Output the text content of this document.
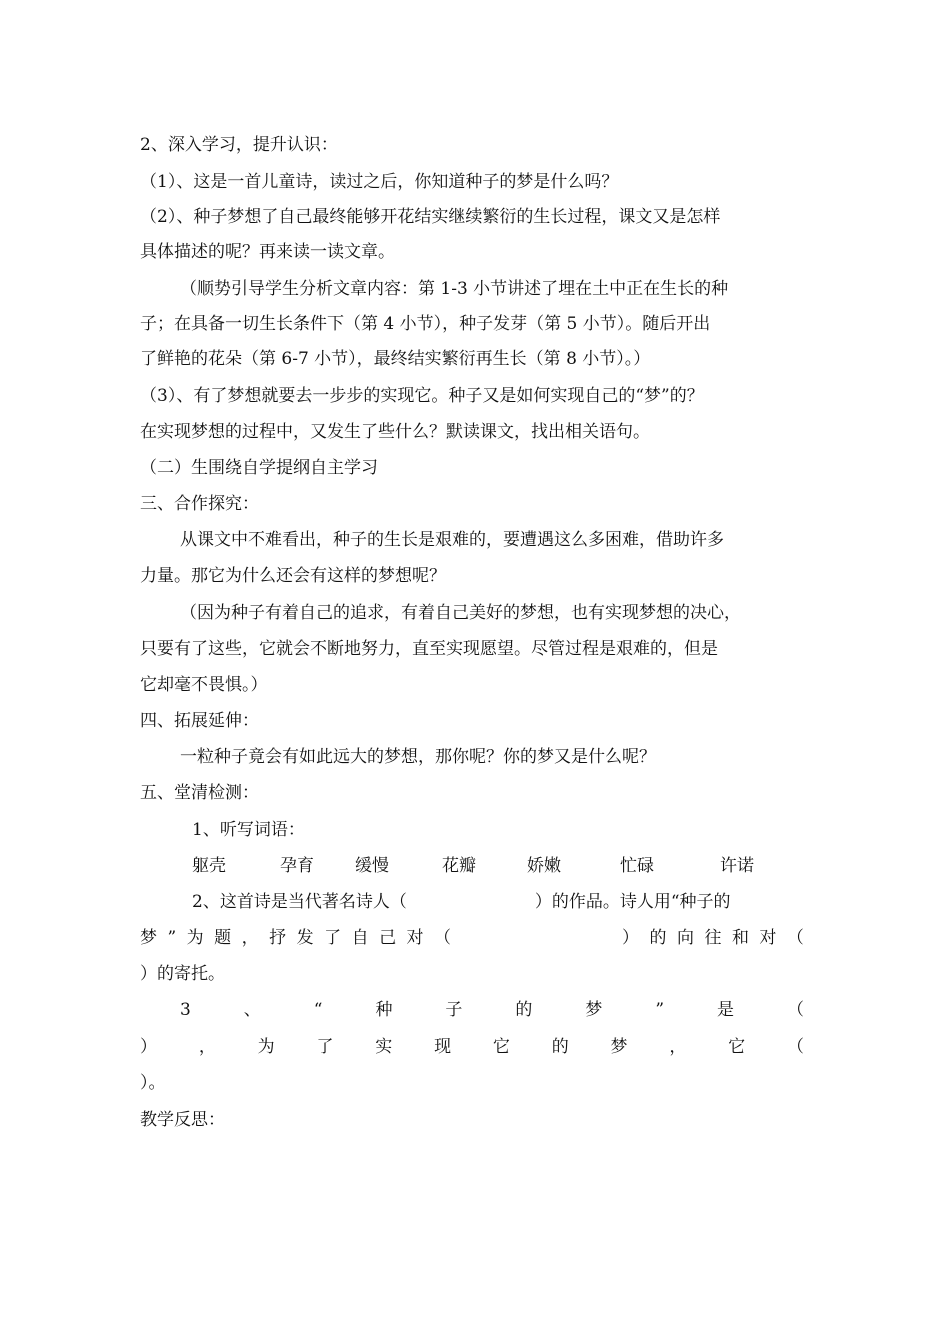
2、深入学习，提升认识：
（1）、这是一首儿童诗，读过之后，你知道种子的梦是什么吗？
（2）、种子梦想了自己最终能够开花结实继续繁衍的生长过程，课文又是怎样
具体描述的呢？再来读一读文章。
（顺势引导学生分析文章内容：第 1-3 小节讲述了埋在土中正在生长的种
子；在具备一切生长条件下（第 4 小节），种子发芽（第 5 小节）。随后开出
了鲜艳的花朵（第 6-7 小节），最终结实繁衍再生长（第 8 小节）。）
（3）、有了梦想就要去一步步的实现它。种子又是如何实现自己的“梦”的？
在实现梦想的过程中，又发生了些什么？默读课文，找出相关语句。
（二）生围绕自学提纲自主学习
三、合作探究：
从课文中不难看出，种子的生长是艰难的，要遭遇这么多困难，借助许多
力量。那它为什么还会有这样的梦想呢？
（因为种子有着自己的追求，有着自己美好的梦想，也有实现梦想的决心，
只要有了这些，它就会不断地努力，直至实现愿望。尽管过程是艰难的，但是
它却毫不畏惧。）
四、拓展延伸：
一粒种子竟会有如此远大的梦想，那你呢？你的梦又是什么呢？
五、堂清检测：
1、听写词语：
躯壳	孕育 缓慢	花瓣	娇嫩	忙碌	许诺
2、这首诗是当代著名诗人（	）的作品。诗人用“种子的
梦 ” 为 题 ， 抒 发 了 自 己 对 （	） 的 向 往 和 对 （
）的寄托。
3	、	“	种	子	的	梦	”	是	（
） ， 为 了 实 现 它 的 梦 ， 它 （
）。
教学反思：
